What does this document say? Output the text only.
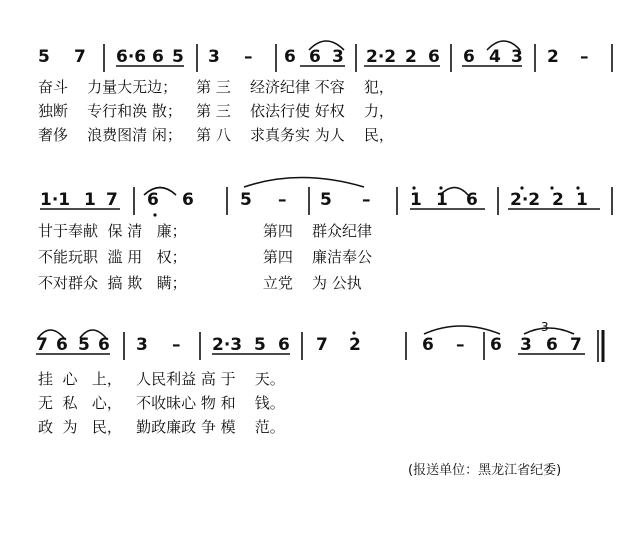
5 7 6·6 6 5 3 – 6 6 3 2·2 2 6 6 4 3 2 –
奋斗    力量大无边；    第 三    经济纪律 不容    犯，
独断    专行和涣 散；   第 三    依法行使 好权    力，
奢侈    浪费图清 闲；   第 八    求真务实 为人    民，
1·1 1 7 6 6	5 – 5 – 1 1 6 2·2 2 1
甘于奉献  保 清   廉；                第四    群众纪律
不能玩职  滥 用   权；                第四    廉洁奉公
不对群众  搞 欺   瞒；                立党    为 公执
7 6 5 6 3 – 2·3 5 6 7 2	6 – 6 3 6 7
3
挂  心   上，   人民利益 高 于    天。
无  私   心，   不收昧心 物 和    钱。
政  为   民，   勤政廉政 争 模    范。
(报送单位：黑龙江省纪委)
